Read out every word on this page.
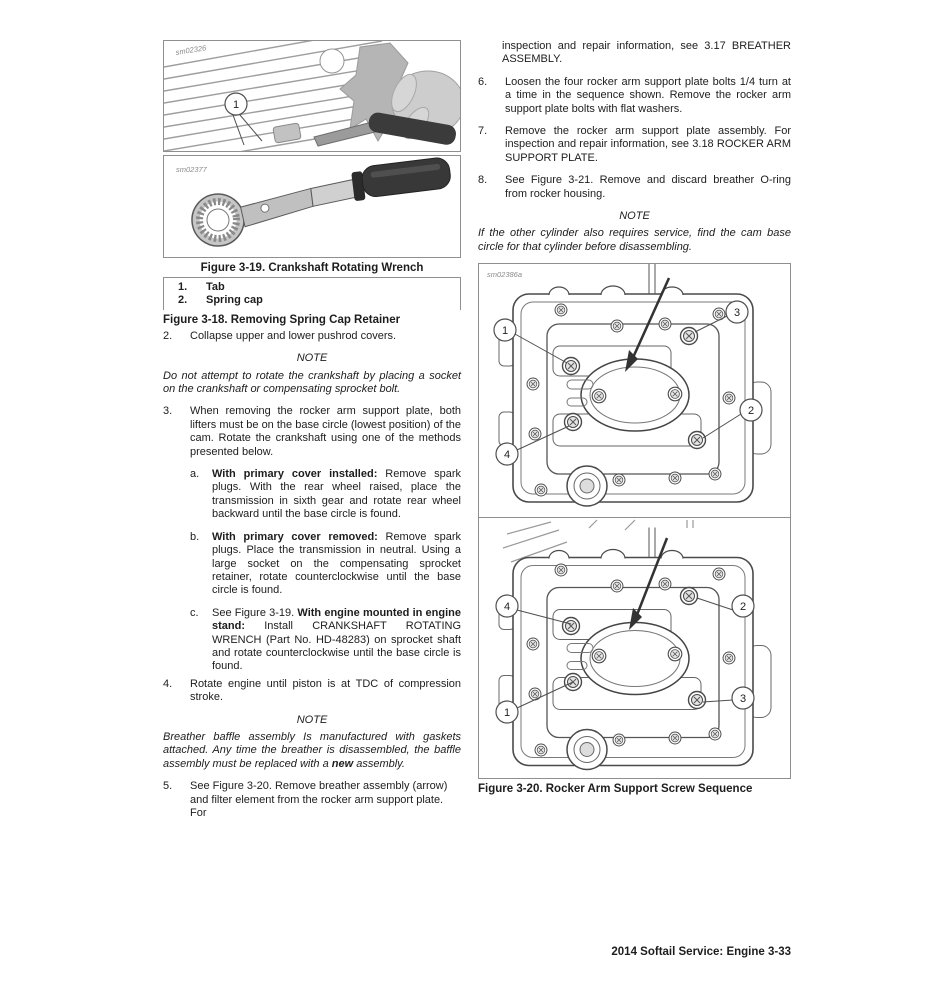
1
sm02326
sm02377
Figure 3-19. Crankshaft Rotating Wrench
1.	Tab
2.	Spring cap
Figure 3-18. Removing Spring Cap Retainer
2.	Collapse upper and lower pushrod covers.
NOTE
Do not attempt to rotate the crankshaft by placing a socket on the crankshaft or compensating sprocket bolt.
3.	When removing the rocker arm support plate, both lifters must be on the base circle (lowest position) of the cam. Rotate the crankshaft using one of the methods presented below.
a.	With primary cover installed: Remove spark plugs. With the rear wheel raised, place the transmission in sixth gear and rotate rear wheel backward until the base circle is found.
b.	With primary cover removed: Remove spark plugs. Place the transmission in neutral. Using a large socket on the compensating sprocket retainer, rotate counterclockwise until the base circle is found.
c.	See Figure 3-19. With engine mounted in engine stand: Install CRANKSHAFT ROTATING WRENCH (Part No. HD-48283) on sprocket shaft and rotate counterclockwise until the base circle is found.
4.	Rotate engine until piston is at TDC of compression stroke.
NOTE
Breather baffle assembly Is manufactured with gaskets attached. Any time the breather is disassembled, the baffle assembly must be replaced with a new assembly.
5.	See Figure 3-20. Remove breather assembly (arrow) and filter element from the rocker arm support plate. For
inspection and repair information, see 3.17 BREATHER ASSEMBLY.
6.	Loosen the four rocker arm support plate bolts 1/4 turn at a time in the sequence shown. Remove the rocker arm support plate bolts with flat washers.
7.	Remove the rocker arm support plate assembly. For inspection and repair information, see 3.18 ROCKER ARM SUPPORT PLATE.
8.	See Figure 3-21. Remove and discard breather O-ring from rocker housing.
NOTE
If the other cylinder also requires service, find the cam base circle for that cylinder before disassembling.
1
3
2
4
sm02386a
4	2
1
3
Figure 3-20. Rocker Arm Support Screw Sequence
2014 Softail Service: Engine 3-33
